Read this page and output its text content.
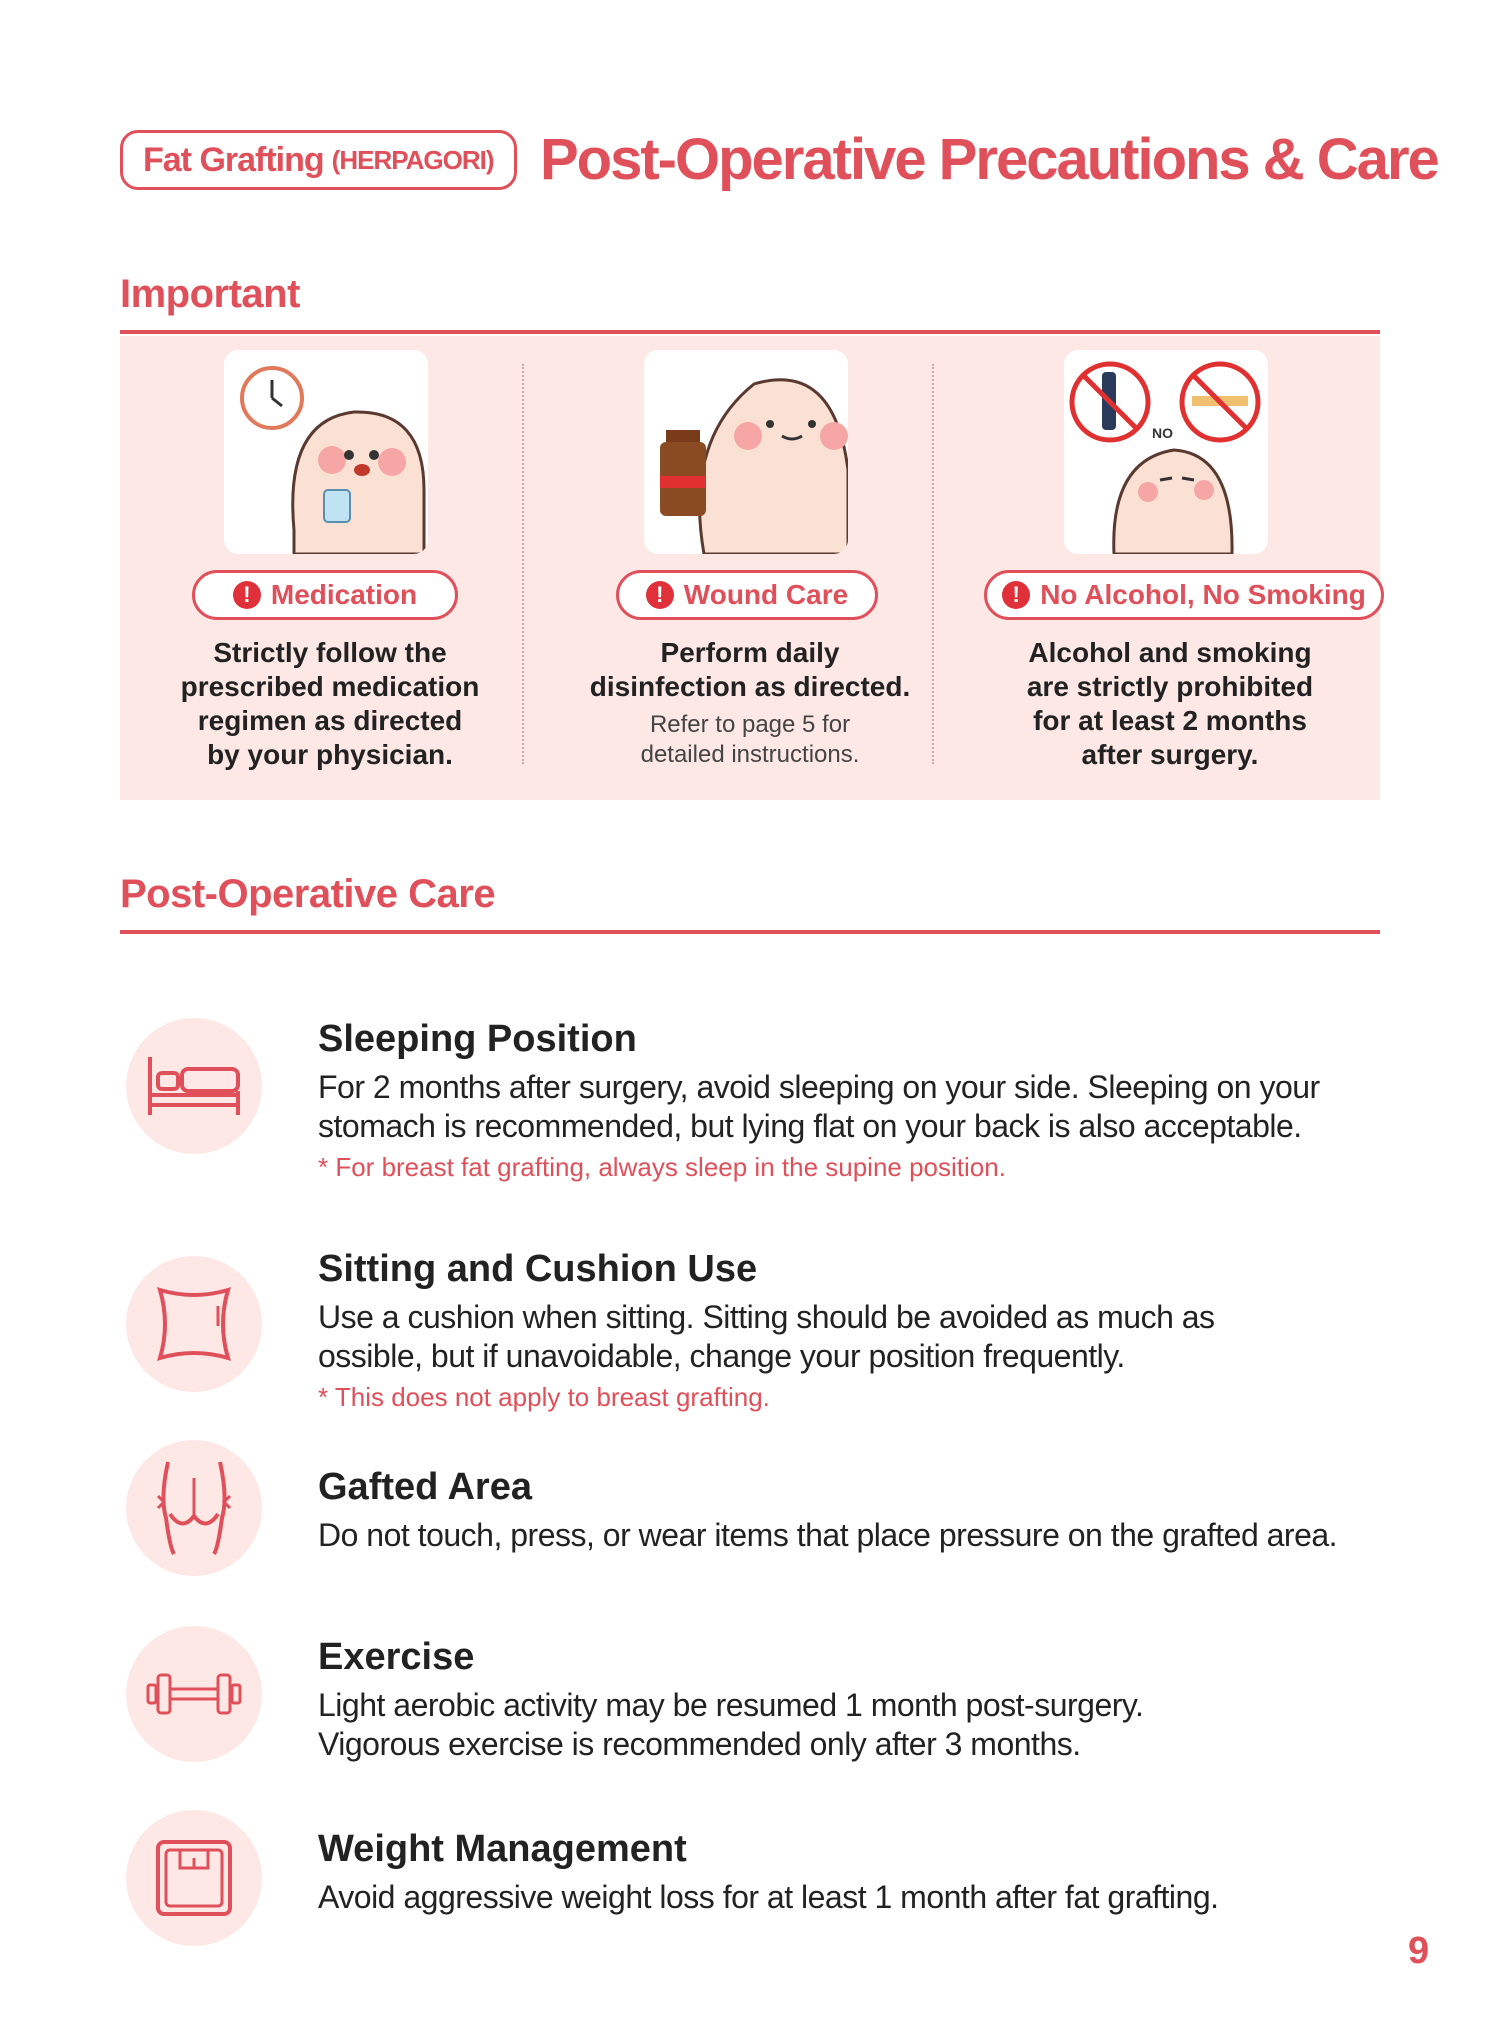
Fat Grafting (HERPAGORI) Post-Operative Precautions & Care
Important
! Medication
Strictly follow the
prescribed medication
regimen as directed
by your physician.
! Wound Care
Perform daily
disinfection as directed.
Refer to page 5 for
detailed instructions.
NO
! No Alcohol, No Smoking
Alcohol and smoking
are strictly prohibited
for at least 2 months
after surgery.
Post-Operative Care
Sleeping Position
For 2 months after surgery, avoid sleeping on your side. Sleeping on your
stomach is recommended, but lying flat on your back is also acceptable.
* For breast fat grafting, always sleep in the supine position.
Sitting and Cushion Use
Use a cushion when sitting. Sitting should be avoided as much as
ossible, but if unavoidable, change your position frequently.
* This does not apply to breast grafting.
Gafted Area
Do not touch, press, or wear items that place pressure on the grafted area.
Exercise
Light aerobic activity may be resumed 1 month post-surgery.
Vigorous exercise is recommended only after 3 months.
Weight Management
Avoid aggressive weight loss for at least 1 month after fat grafting.
9
